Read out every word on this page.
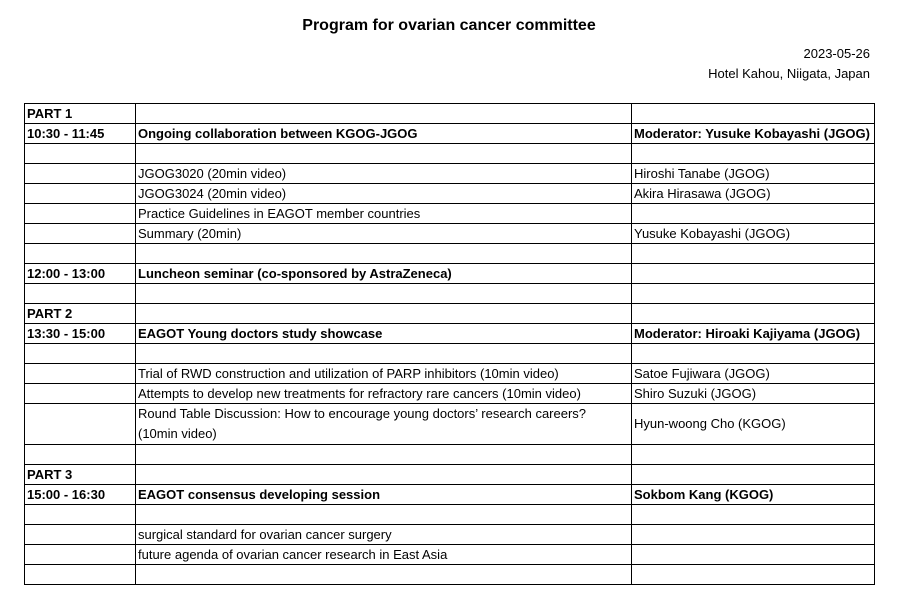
Program for ovarian cancer committee
2023-05-26
Hotel Kahou, Niigata, Japan
PART 1		
10:30 - 11:45	Ongoing collaboration between KGOG-JGOG	Moderator: Yusuke Kobayashi (JGOG)

	JGOG3020 (20min video)	Hiroshi Tanabe (JGOG)
	JGOG3024 (20min video)	Akira Hirasawa (JGOG)
	Practice Guidelines in EAGOT member countries	
	Summary (20min)	Yusuke Kobayashi (JGOG)

12:00 - 13:00	Luncheon seminar (co-sponsored by AstraZeneca)	

PART 2		
13:30 - 15:00	EAGOT Young doctors study showcase	Moderator: Hiroaki Kajiyama (JGOG)

	Trial of RWD construction and utilization of PARP inhibitors (10min video)	Satoe Fujiwara (JGOG)
	Attempts to develop new treatments for refractory rare cancers (10min video)	Shiro Suzuki (JGOG)
	Round Table Discussion: How to encourage young doctors’ research careers? (10min video)	Hyun-woong Cho (KGOG)

PART 3		
15:00 - 16:30	EAGOT consensus developing session	Sokbom Kang (KGOG)

	surgical standard for ovarian cancer surgery	
	future agenda of ovarian cancer research in East Asia	
